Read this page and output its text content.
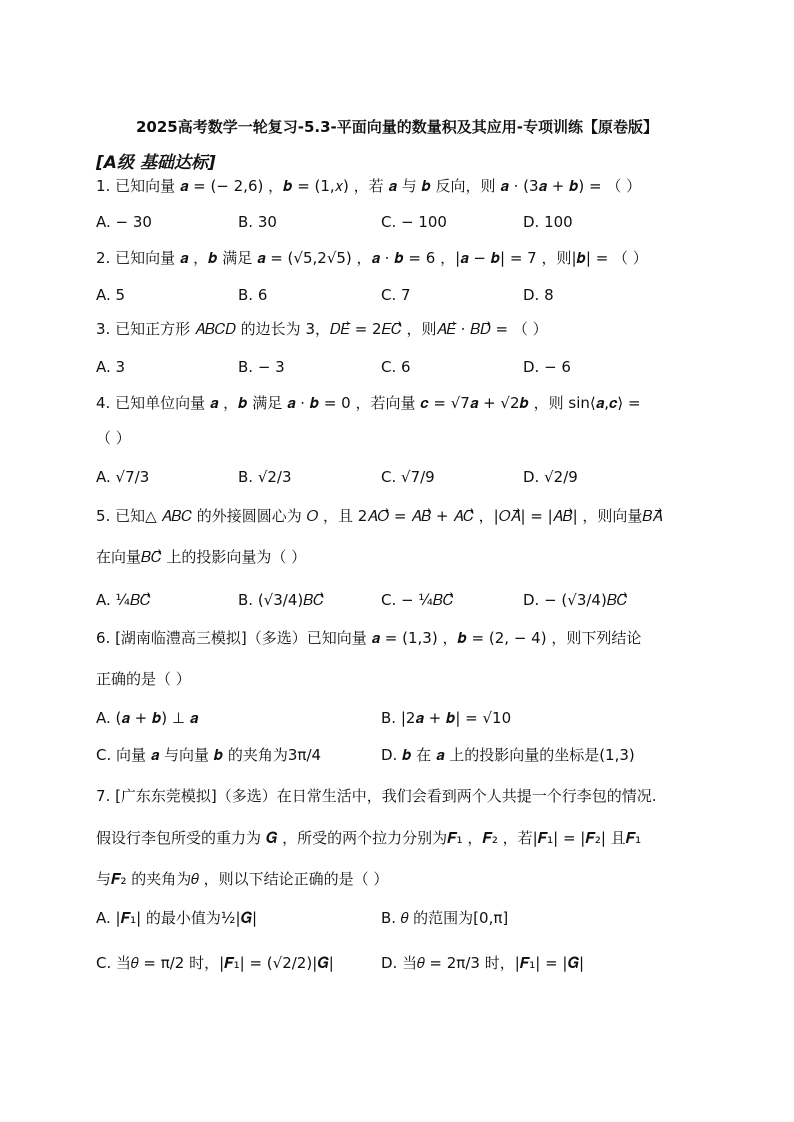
2025高考数学一轮复习-5.3-平面向量的数量积及其应用-专项训练【原卷版】
[A级 基础达标]
1. 已知向量 𝒂 = (− 2,6) ，𝒃 = (1,𝑥) ，若 𝒂 与 𝒃 反向，则 𝒂 ⋅ (3𝒂 + 𝒃) = （ ）
A. − 30	B. 30	C. − 100	D. 100
2. 已知向量 𝒂 ，𝒃 满足 𝒂 = (√5,2√5) ，𝒂 ⋅ 𝒃 = 6 ，|𝒂 − 𝒃| = 7 ，则|𝒃| = （ ）
A. 5	B. 6	C. 7	D. 8
3. 已知正方形 𝐴𝐵𝐶𝐷 的边长为 3，𝐷𝐸⃗ = 2𝐸𝐶⃗ ，则𝐴𝐸⃗ ⋅ 𝐵𝐷⃗ = （ ）
A. 3	B. − 3	C. 6	D. − 6
4. 已知单位向量 𝒂 ，𝒃 满足 𝒂 ⋅ 𝒃 = 0 ，若向量 𝒄 = √7𝒂 + √2𝒃 ，则 sin⟨𝒂,𝒄⟩ =
（ ）
A. √7/3	B. √2/3	C. √7/9	D. √2/9
5. 已知△ 𝐴𝐵𝐶 的外接圆圆心为 𝑂 ，且 2𝐴𝑂⃗ = 𝐴𝐵⃗ + 𝐴𝐶⃗ ，|𝑂𝐴⃗| = |𝐴𝐵⃗| ，则向量𝐵𝐴⃗
在向量𝐵𝐶⃗ 上的投影向量为（ ）
A. ¼𝐵𝐶⃗	B. (√3/4)𝐵𝐶⃗	C. − ¼𝐵𝐶⃗	D. − (√3/4)𝐵𝐶⃗
6. [湖南临澧高三模拟]（多选）已知向量 𝒂 = (1,3) ，𝒃 = (2, − 4) ，则下列结论
正确的是（ ）
A. (𝒂 + 𝒃) ⊥ 𝒂	B. |2𝒂 + 𝒃| = √10
C. 向量 𝒂 与向量 𝒃 的夹角为3π/4	D. 𝒃 在 𝒂 上的投影向量的坐标是(1,3)
7. [广东东莞模拟]（多选）在日常生活中，我们会看到两个人共提一个行李包的情况.
假设行李包所受的重力为 𝑮 ，所受的两个拉力分别为𝑭₁ ，𝑭₂ ，若|𝑭₁| = |𝑭₂| 且𝑭₁
与𝑭₂ 的夹角为𝜃 ，则以下结论正确的是（ ）
A. |𝑭₁| 的最小值为½|𝑮|	B. 𝜃 的范围为[0,π]
C. 当𝜃 = π/2 时，|𝑭₁| = (√2/2)|𝑮|	D. 当𝜃 = 2π/3 时，|𝑭₁| = |𝑮|
